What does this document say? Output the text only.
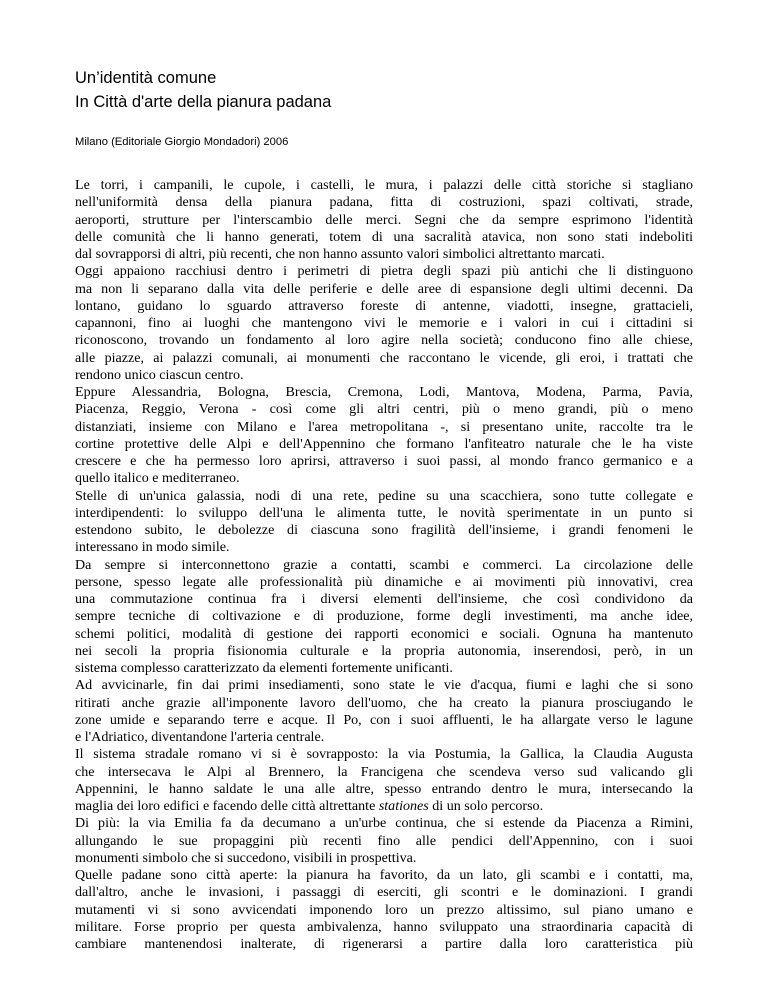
Un’identità comune
In Città d'arte della pianura padana
Milano (Editoriale Giorgio Mondadori) 2006
Le torri, i campanili, le cupole, i castelli, le mura, i palazzi delle città storiche si stagliano
nell'uniformità densa della pianura padana, fitta di costruzioni, spazi coltivati, strade,
aeroporti, strutture per l'interscambio delle merci. Segni che da sempre esprimono l'identità
delle comunità che li hanno generati, totem di una sacralità atavica, non sono stati indeboliti
dal sovrapporsi di altri, più recenti, che non hanno assunto valori simbolici altrettanto marcati.
Oggi appaiono racchiusi dentro i perimetri di pietra degli spazi più antichi che li distinguono
ma non li separano dalla vita delle periferie e delle aree di espansione degli ultimi decenni. Da
lontano, guidano lo sguardo attraverso foreste di antenne, viadotti, insegne, grattacieli,
capannoni, fino ai luoghi che mantengono vivi le memorie e i valori in cui i cittadini si
riconoscono, trovando un fondamento al loro agire nella società; conducono fino alle chiese,
alle piazze, ai palazzi comunali, ai monumenti che raccontano le vicende, gli eroi, i trattati che
rendono unico ciascun centro.
Eppure Alessandria, Bologna, Brescia, Cremona, Lodi, Mantova, Modena, Parma, Pavia,
Piacenza, Reggio, Verona - così come gli altri centri, più o meno grandi, più o meno
distanziati, insieme con Milano e l'area metropolitana -, si presentano unite, raccolte tra le
cortine protettive delle Alpi e dell'Appennino che formano l'anfiteatro naturale che le ha viste
crescere e che ha permesso loro aprirsi, attraverso i suoi passi, al mondo franco germanico e a
quello italico e mediterraneo.
Stelle di un'unica galassia, nodi di una rete, pedine su una scacchiera, sono tutte collegate e
interdipendenti: lo sviluppo dell'una le alimenta tutte, le novità sperimentate in un punto si
estendono subito, le debolezze di ciascuna sono fragilità dell'insieme, i grandi fenomeni le
interessano in modo simile.
Da sempre si interconnettono grazie a contatti, scambi e commerci. La circolazione delle
persone, spesso legate alle professionalità più dinamiche e ai movimenti più innovativi, crea
una commutazione continua fra i diversi elementi dell'insieme, che così condividono da
sempre tecniche di coltivazione e di produzione, forme degli investimenti, ma anche idee,
schemi politici, modalità di gestione dei rapporti economici e sociali. Ognuna ha mantenuto
nei secoli la propria fisionomia culturale e la propria autonomia, inserendosi, però, in un
sistema complesso caratterizzato da elementi fortemente unificanti.
Ad avvicinarle, fin dai primi insediamenti, sono state le vie d'acqua, fiumi e laghi che si sono
ritirati anche grazie all'imponente lavoro dell'uomo, che ha creato la pianura prosciugando le
zone umide e separando terre e acque. Il Po, con i suoi affluenti, le ha allargate verso le lagune
e l'Adriatico, diventandone l'arteria centrale.
Il sistema stradale romano vi si è sovrapposto: la via Postumia, la Gallica, la Claudia Augusta
che intersecava le Alpi al Brennero, la Francigena che scendeva verso sud valicando gli
Appennini, le hanno saldate le una alle altre, spesso entrando dentro le mura, intersecando la
maglia dei loro edifici e facendo delle città altrettante stationes di un solo percorso.
Di più: la via Emilia fa da decumano a un'urbe continua, che si estende da Piacenza a Rimini,
allungando le sue propaggini più recenti fino alle pendici dell'Appennino, con i suoi
monumenti simbolo che si succedono, visibili in prospettiva.
Quelle padane sono città aperte: la pianura ha favorito, da un lato, gli scambi e i contatti, ma,
dall'altro, anche le invasioni, i passaggi di eserciti, gli scontri e le dominazioni. I grandi
mutamenti vi si sono avvicendati imponendo loro un prezzo altissimo, sul piano umano e
militare. Forse proprio per questa ambivalenza, hanno sviluppato una straordinaria capacità di
cambiare mantenendosi inalterate, di rigenerarsi a partire dalla loro caratteristica più
